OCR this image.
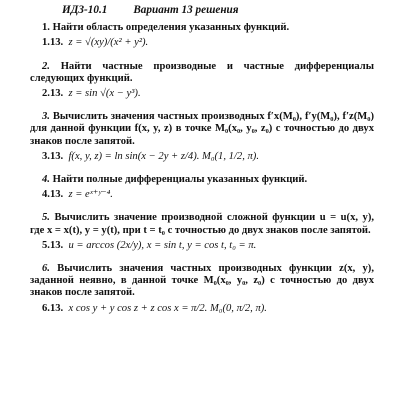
ИДЗ-10.1 Вариант 13 решения

1. Найти область определения указанных функций.

1.13. z = √(xy)/(x² + y²).

2. Найти частные производные и частные дифференциалы следующих функций.

2.13. z = sin √(x − y³).

3. Вычислить значения частных производных f′x(M₀), f′y(M₀), f′z(M₀) для данной функции f(x, y, z) в точке M₀(x₀, y₀, z₀) с точностью до двух знаков после запятой.

3.13. f(x, y, z) = ln sin(x − 2y + z/4). M₀(1, 1/2, π).

4. Найти полные дифференциалы указанных функций.

4.13. z = eˣ⁺ʸ⁻⁴.

5. Вычислить значение производной сложной функции u = u(x, y), где x = x(t), y = y(t), при t = t₀ с точностью до двух знаков после запятой.

5.13. u = arccos (2x/y), x = sin t, y = cos t, t₀ = π.

6. Вычислить значения частных производных функции z(x, y), заданной неявно, в данной точке M₀(x₀, y₀, z₀) с точностью до двух знаков после запятой.

6.13. x cos y + y cos z + z cos x = π/2. M₀(0, π/2, π).
